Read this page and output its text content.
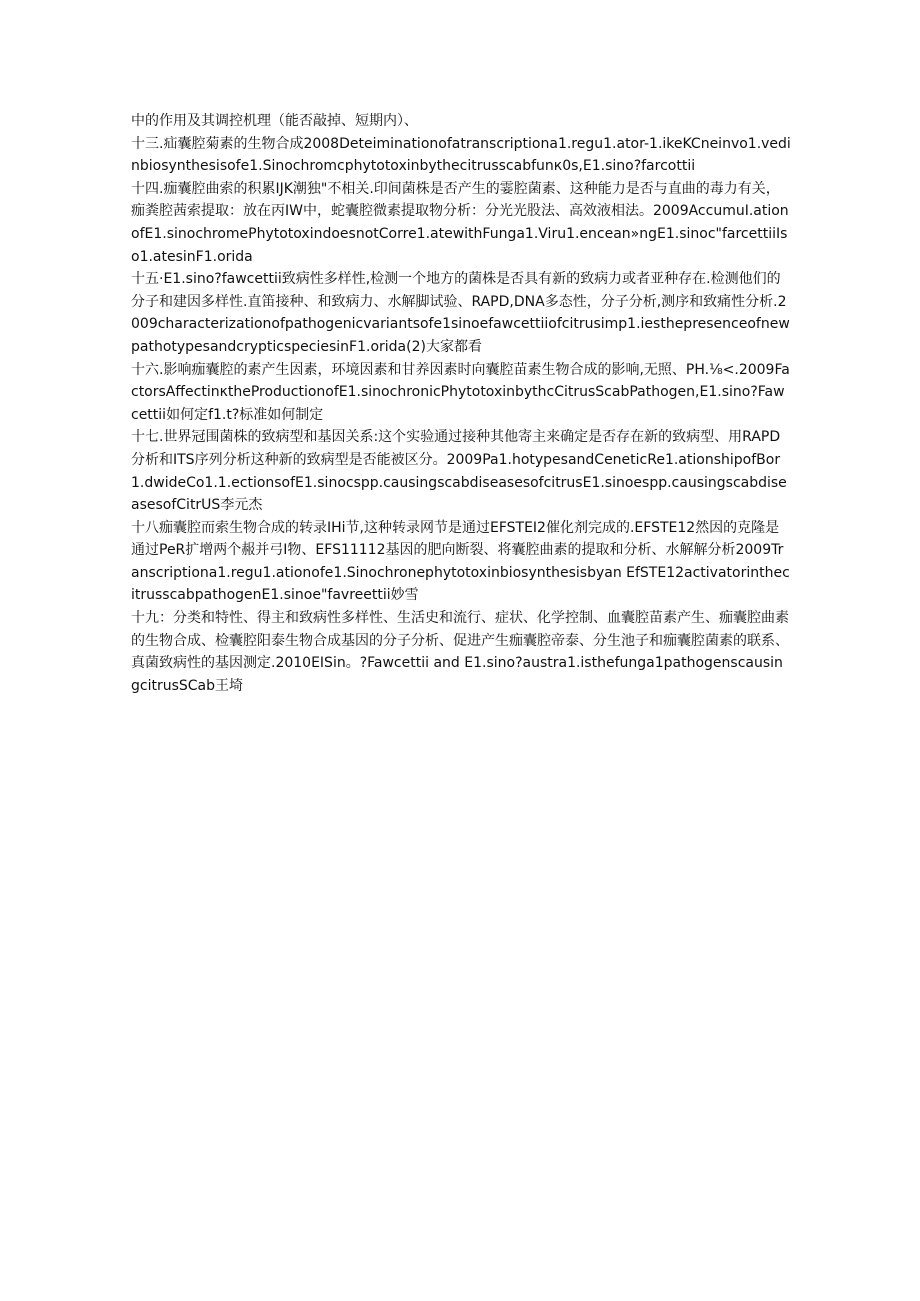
中的作用及其调控机理（能否敲掉、短期内）、

十三.疝囊腔菊素的生物合成2008Deteiminationofatranscriptiona1.regu1.ator-1.ikeKCneinvo1.vedinbiosynthesisofe1.Sinochromcphytotoxinbythecitrusscabfunк0s,E1.sino?farcottii

十四.痂囊腔曲索的积累IJK潮独"不相关.印间菌株是否产生的霎腔菌素、这种能力是否与直曲的毒力有关，痂粪腔茜索提取：放在丙IW中，蛇囊腔微素提取物分析：分光光股法、高效液相法。2009AccumuI.ationofE1.sinochromePhytotoxindoesnotCorre1.atewithFunga1.Viru1.encean»ngE1.sinoc"farcettiiIso1.atesinF1.orida

十五·E1.sino?fawcettii致病性多样性,检测一个地方的菌株是否具有新的致病力或者亚种存在.检测他们的分子和建因多样性.直笛接种、和致病力、水解脚试验、RAPD,DNA多态性，分子分析,测序和致痛性分析.2009characterizationofpathogenicvariantsofe1sinoefawcettiiofcitrusimp1.iesthepresenceofnewpathotypesandcrypticspeciesinF1.orida(2)大家都看

十六.影响痂囊腔的素产生因素，环境因素和甘养因素时向囊腔苗素生物合成的影响,无照、PH.⅛<.2009FactorsAffectinκtheProductionofE1.sinochronicPhytotoxinbythcCitrusScabPathogen,E1.sino?Fawcettii如何定f1.t?标准如何制定

十七.世界冠围菌株的致病型和基因关系:这个实验通过接种其他寄主来确定是否存在新的致病型、用RAPD分析和ITS序列分析这种新的致病型是否能被区分。2009Pa1.hotypesandCeneticRe1.ationshipofBor1.dwideCo1.1.ectionsofE1.sinocspp.causingscabdiseasesofcitrusE1.sinoespp.causingscabdiseasesofCitrUS李元杰

十八痂囊腔而索生物合成的转录IHi节,这种转录网节是通过EFSTEI2催化剂完成的.EFSTE12然因的克隆是通过PeR扩增两个赧并弓I物、EFS11112基因的肥向断裂、将囊腔曲素的提取和分析、水解解分析2009Transcriptiona1.regu1.ationofe1.Sinochronephytotoxinbiosynthesisbyan EfSTE12activatorinthecitrusscabpathogenE1.sinoe"favreettii妙雪

十九：分类和特性、得主和致病性多样性、生活史和流行、症状、化学控制、血囊腔苗素产生、痂囊腔曲素的生物合成、检囊腔阳泰生物合成基因的分子分析、促进产生痂囊腔帝泰、分生池子和痂囊腔菌素的联系、真菌致病性的基因测定.2010EISin。?Fawcettii and E1.sino?austra1.isthefunga1pathogenscausingcitrusSCab王埼
